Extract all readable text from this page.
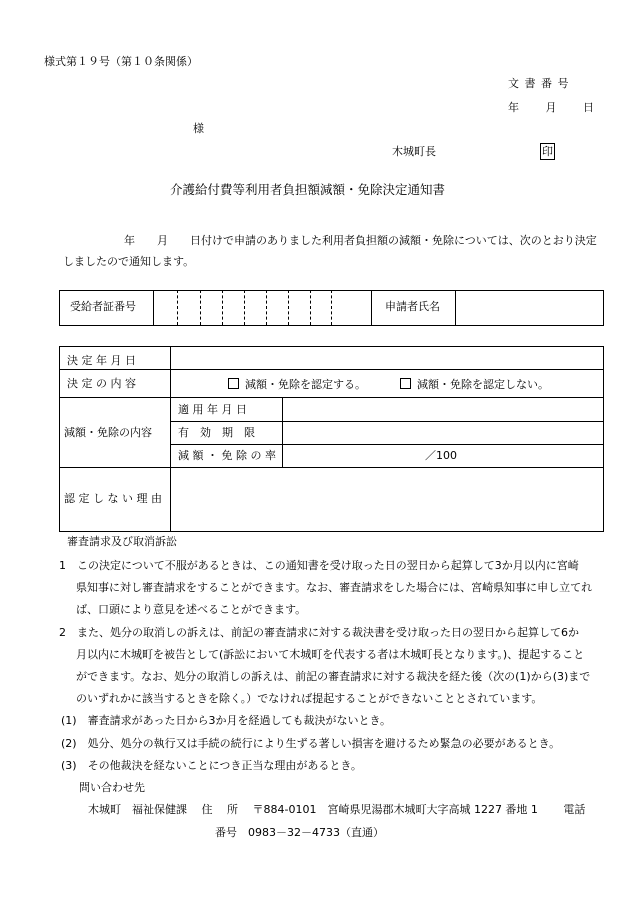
様式第１９号（第１０条関係）
文 書 番 号
年 月 日
様
木城町長	印
介護給付費等利用者負担額減額・免除決定通知書
年　　月　　日付けで申請のありました利用者負担額の減額・免除については、次のとおり決定
しましたので通知します。
受給者証番号	申請者氏名
決 定 年 月 日
決 定 の 内 容	減額・免除を認定する。	減額・免除を認定しない。
減額・免除の内容
適 用 年 月 日
有　効　期　限
減 額 ・ 免 除 の 率	／100
認 定 し な い 理 由
審査請求及び取消訴訟
1　この決定について不服があるときは、この通知書を受け取った日の翌日から起算して3か月以内に宮崎
県知事に対し審査請求をすることができます。なお、審査請求をした場合には、宮崎県知事に申し立てれ
ば、口頭により意見を述べることができます。
2　また、処分の取消しの訴えは、前記の審査請求に対する裁決書を受け取った日の翌日から起算して6か
月以内に木城町を被告として(訴訟において木城町を代表する者は木城町長となります。)、提起すること
ができます。なお、処分の取消しの訴えは、前記の審査請求に対する裁決を経た後（次の(1)から(3)まで
のいずれかに該当するときを除く。）でなければ提起することができないこととされています。
(1)　審査請求があった日から3か月を経過しても裁決がないとき。
(2)　処分、処分の執行又は手続の続行により生ずる著しい損害を避けるため緊急の必要があるとき。
(3)　その他裁決を経ないことにつき正当な理由があるとき。
問い合わせ先
木城町　福祉保健課　 住 　所 　〒884-0101　宮崎県児湯郡木城町大字高城 1227 番地 1 　　電話
番号　0983－32－4733（直通）
